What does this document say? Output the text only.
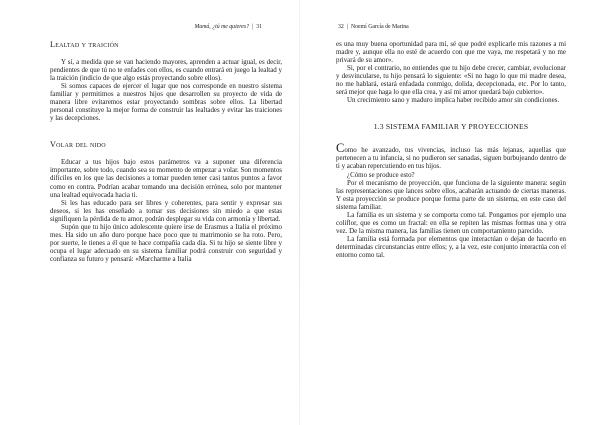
Mamá, ¿tú me quieres? | 31
Lealtad y traición

Y sí, a medida que se van haciendo mayores, aprenden a actuar igual, es decir, pendientes de que tú no te enfades con ellos, es cuando entrará en juego la lealtad y la traición (indicio de que algo estás proyectando sobre ellos).

Si somos capaces de ejercer el lugar que nos corresponde en nuestro sistema familiar y permitimos a nuestros hijos que desarrollen su proyecto de vida de manera libre evitaremos estar proyectando sombras sobre ellos. La libertad personal constituye la mejor forma de construir las lealtades y evitar las traiciones y las decepciones.

Volar del nido

Educar a tus hijos bajo estos parámetros va a suponer una diferencia importante, sobre todo, cuando sea su momento de empezar a volar. Son momentos difíciles en los que las decisiones a tomar pueden tener casi tantos puntos a favor como en contra. Podrían acabar tomando una decisión errónea, solo por mantener una lealtad equivocada hacia ti.

Si les has educado para ser libres y coherentes, para sentir y expresar sus deseos, si les has enseñado a tomar sus decisiones sin miedo a que estas signifiquen la pérdida de tu amor, podrán desplegar su vida con armonía y libertad.

Supón que tu hijo único adolescente quiere irse de Erasmus a Italia el próximo mes. Ha sido un año duro porque hace poco que tu matrimonio se ha roto. Pero, por suerte, le tienes a él que te hace compañía cada día. Si tu hijo se siente libre y ocupa el lugar adecuado en su sistema familiar podrá construir con seguridad y confianza su futuro y pensará: «Marcharme a Italia

32 | Noemí García de Marina

es una muy buena oportunidad para mí, sé que podré explicarle mis razones a mi madre y, aunque ella no esté de acuerdo con que me vaya, me respetará y no me privará de su amor».

Si, por el contrario, no entiendes que tu hijo debe crecer, cambiar, evolucionar y desvincularse, tu hijo pensará lo siguiente: «Si no hago lo que mi madre desea, no me hablará, estará enfadada conmigo, dolida, decepcionada, etc. Por lo tanto, será mejor que haga lo que ella crea, y así mi amor quedará bajo cubierto».

Un crecimiento sano y maduro implica haber recibido amor sin condiciones.

1.3 SISTEMA FAMILIAR Y PROYECCIONES

Como he avanzado, tus vivencias, incluso las más lejanas, aquellas que pertenecen a tu infancia, si no pudieron ser sanadas, siguen burbujeando dentro de ti y acaban repercutiendo en tus hijos.

¿Cómo se produce esto?

Por el mecanismo de proyección, que funciona de la siguiente manera: según las representaciones que lances sobre ellos, acabarán actuando de ciertas maneras. Y esta proyección se produce porque forma parte de un sistema, en este caso del sistema familiar.

La familia es un sistema y se comporta como tal. Pongamos por ejemplo una coliflor, que es como un fractal: en ella se repiten las mismas formas una y otra vez. De la misma manera, las familias tienen un comportamiento parecido.

La familia está formada por elementos que interactúan o dejan de hacerlo en determinadas circunstancias entre ellos; y, a la vez, este conjunto interactúa con el entorno como tal.
